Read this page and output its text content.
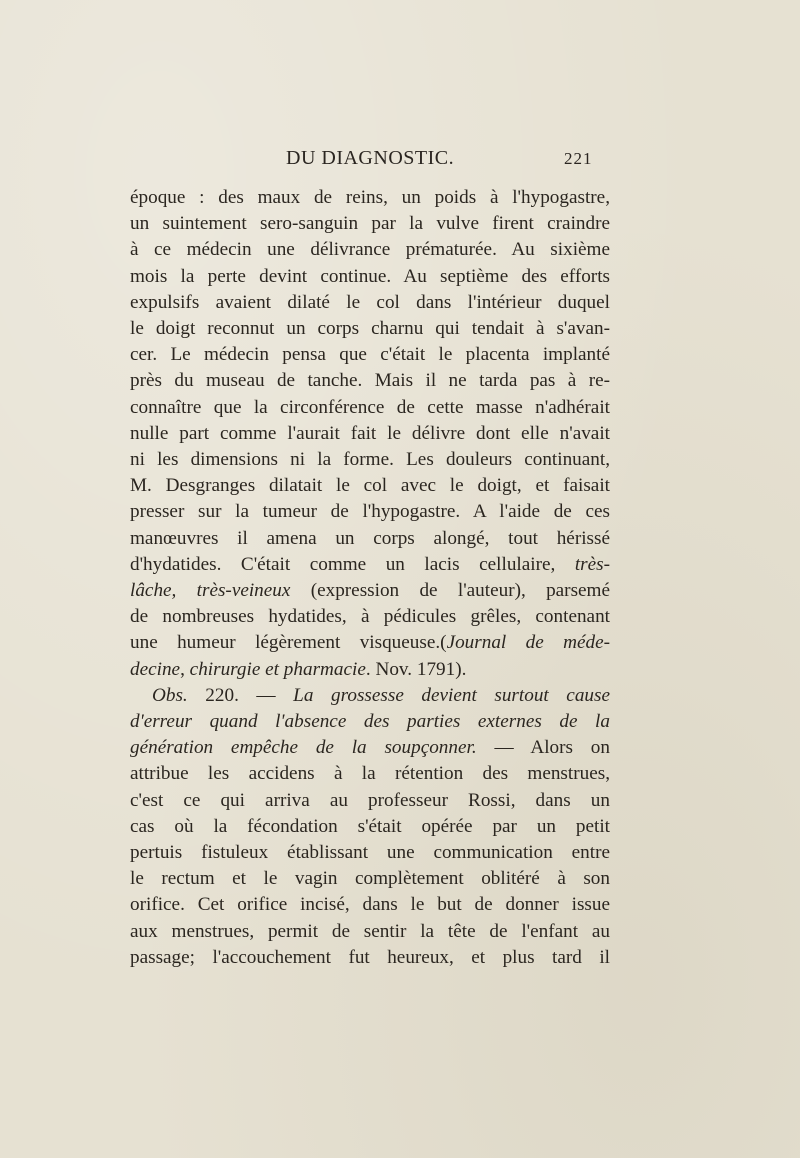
DU DIAGNOSTIC.	221
époque : des maux de reins, un poids à l'hypogastre,
un suintement sero-sanguin par la vulve firent craindre
à ce médecin une délivrance prématurée. Au sixième
mois la perte devint continue. Au septième des efforts
expulsifs avaient dilaté le col dans l'intérieur duquel
le doigt reconnut un corps charnu qui tendait à s'avan-
cer. Le médecin pensa que c'était le placenta implanté
près du museau de tanche. Mais il ne tarda pas à re-
connaître que la circonférence de cette masse n'adhérait
nulle part comme l'aurait fait le délivre dont elle n'avait
ni les dimensions ni la forme. Les douleurs continuant,
M. Desgranges dilatait le col avec le doigt, et faisait
presser sur la tumeur de l'hypogastre. A l'aide de ces
manœuvres il amena un corps alongé, tout hérissé
d'hydatides. C'était comme un lacis cellulaire, très-
lâche, très-veineux (expression de l'auteur), parsemé
de nombreuses hydatides, à pédicules grêles, contenant
une humeur légèrement visqueuse.(Journal de méde-
decine, chirurgie et pharmacie. Nov. 1791).
Obs. 220. — La grossesse devient surtout cause
d'erreur quand l'absence des parties externes de la
génération empêche de la soupçonner. — Alors on
attribue les accidens à la rétention des menstrues,
c'est ce qui arriva au professeur Rossi, dans un
cas où la fécondation s'était opérée par un petit
pertuis fistuleux établissant une communication entre
le rectum et le vagin complètement oblitéré à son
orifice. Cet orifice incisé, dans le but de donner issue
aux menstrues, permit de sentir la tête de l'enfant au
passage; l'accouchement fut heureux, et plus tard il
